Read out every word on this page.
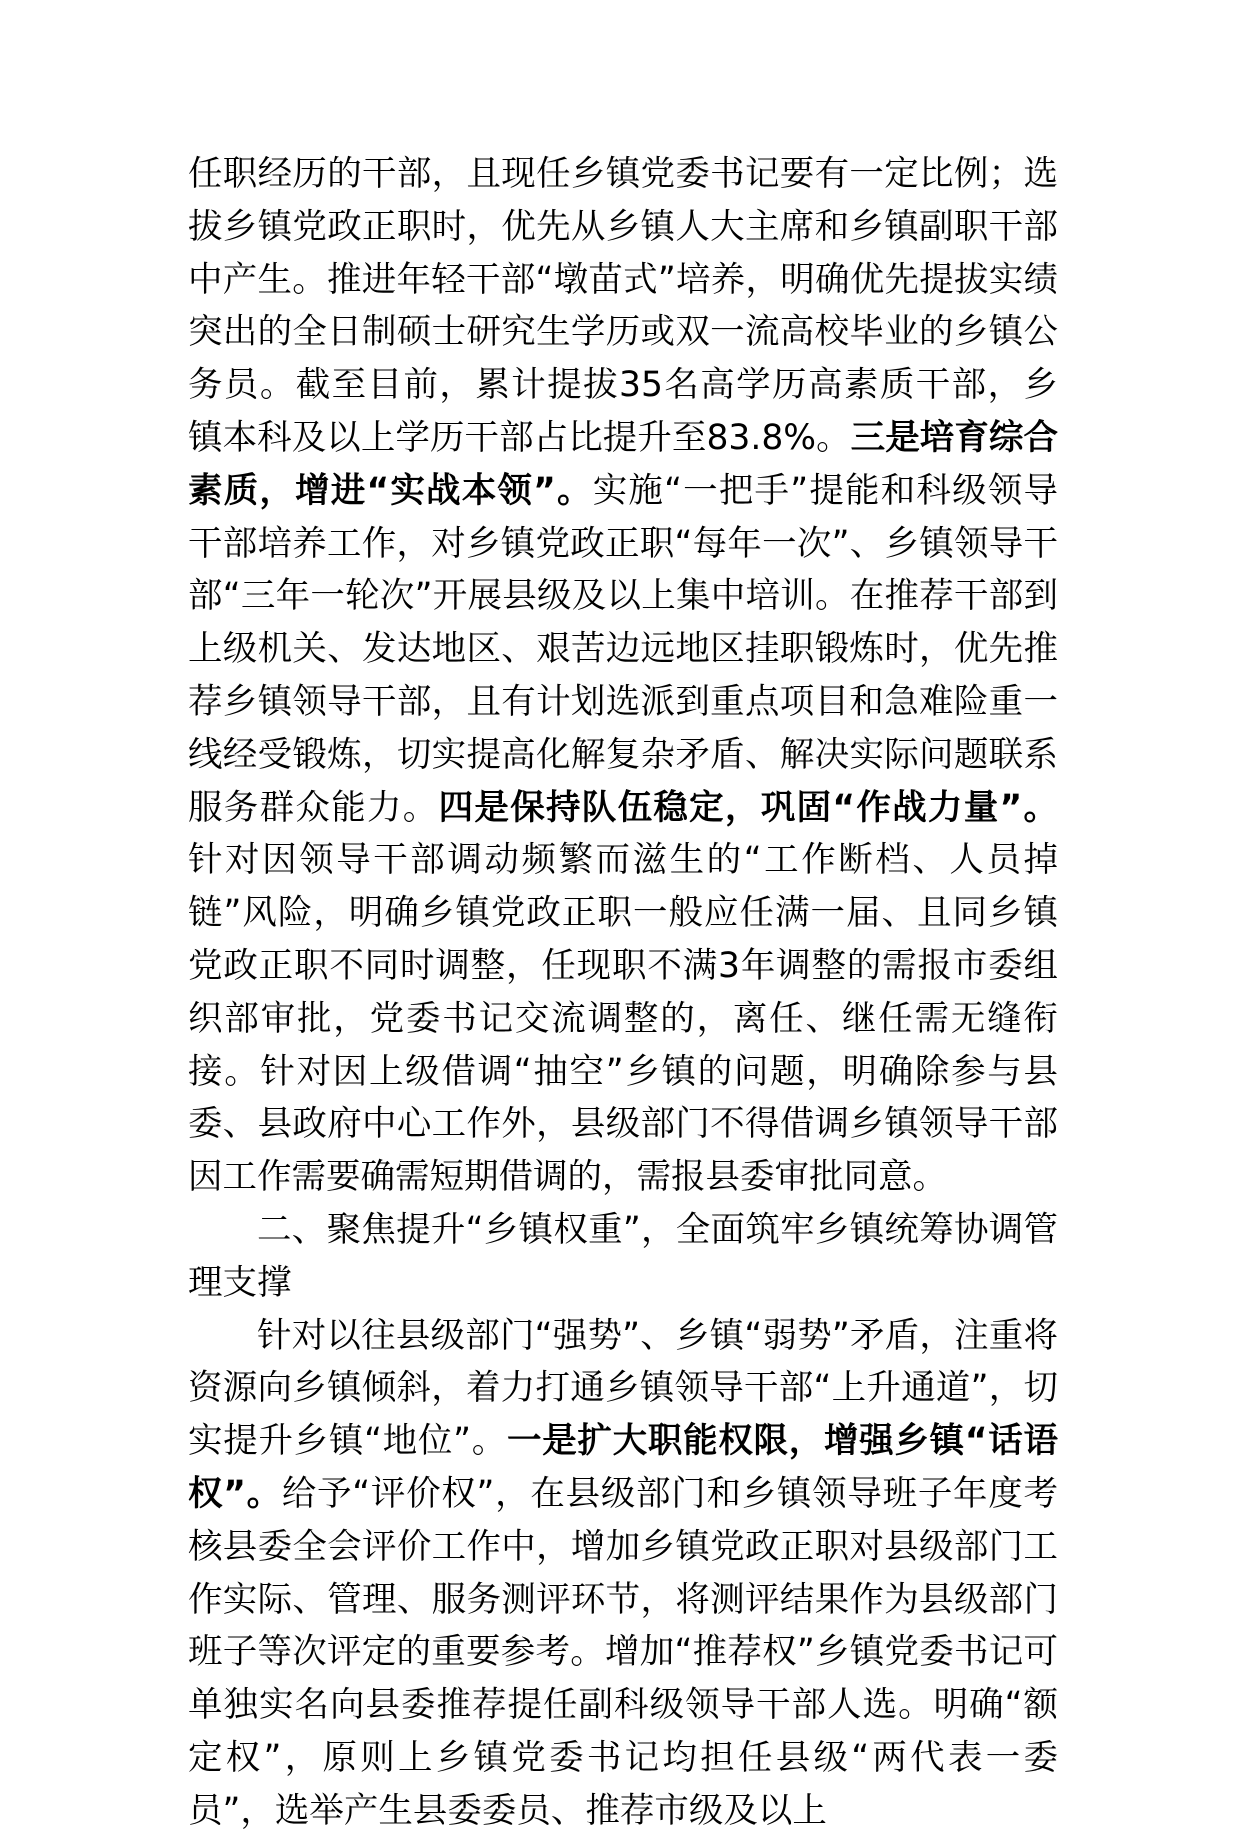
任职经历的干部，且现任乡镇党委书记要有一定比例；选拔乡镇党政正职时，优先从乡镇人大主席和乡镇副职干部中产生。推进年轻干部“墩苗式”培养，明确优先提拔实绩突出的全日制硕士研究生学历或双一流高校毕业的乡镇公务员。截至目前，累计提拔35名高学历高素质干部，乡镇本科及以上学历干部占比提升至83.8%。三是培育综合素质，增进“实战本领”。实施“一把手”提能和科级领导干部培养工作，对乡镇党政正职“每年一次”、乡镇领导干部“三年一轮次”开展县级及以上集中培训。在推荐干部到上级机关、发达地区、艰苦边远地区挂职锻炼时，优先推荐乡镇领导干部，且有计划选派到重点项目和急难险重一线经受锻炼，切实提高化解复杂矛盾、解决实际问题联系服务群众能力。四是保持队伍稳定，巩固“作战力量”。针对因领导干部调动频繁而滋生的“工作断档、人员掉链”风险，明确乡镇党政正职一般应任满一届、且同乡镇党政正职不同时调整，任现职不满3年调整的需报市委组织部审批，党委书记交流调整的，离任、继任需无缝衔接。针对因上级借调“抽空”乡镇的问题，明确除参与县委、县政府中心工作外，县级部门不得借调乡镇领导干部因工作需要确需短期借调的，需报县委审批同意。

二、聚焦提升“乡镇权重”，全面筑牢乡镇统筹协调管理支撑

针对以往县级部门“强势”、乡镇“弱势”矛盾，注重将资源向乡镇倾斜，着力打通乡镇领导干部“上升通道”，切实提升乡镇“地位”。一是扩大职能权限，增强乡镇“话语权”。给予“评价权”，在县级部门和乡镇领导班子年度考核县委全会评价工作中，增加乡镇党政正职对县级部门工作实际、管理、服务测评环节，将测评结果作为县级部门班子等次评定的重要参考。增加“推荐权”乡镇党委书记可单独实名向县委推荐提任副科级领导干部人选。明确“额定权”，原则上乡镇党委书记均担任县级“两代表一委员”，选举产生县委委员、推荐市级及以上
